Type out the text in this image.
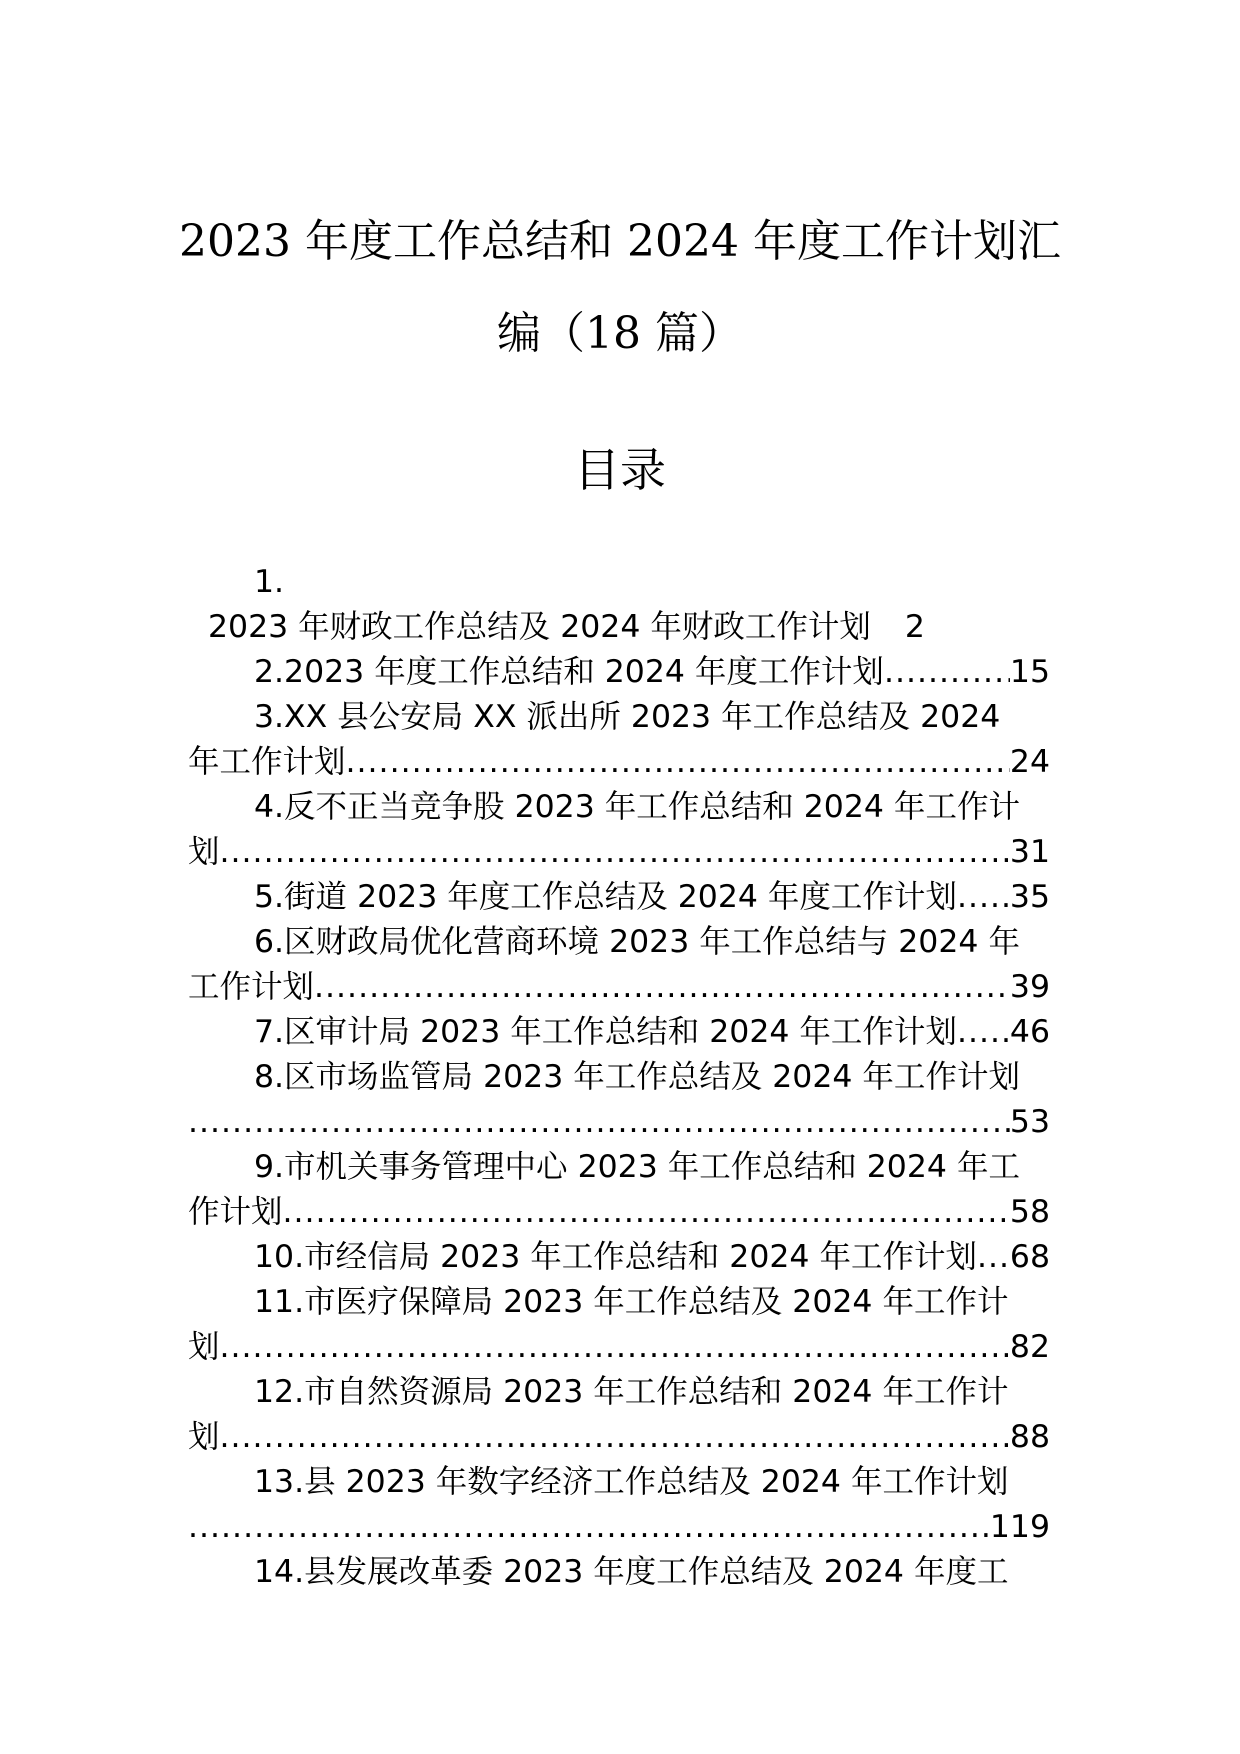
2023 年度工作总结和 2024 年度工作计划汇
编（18 篇）
目录
1.
2023 年财政工作总结及 2024 年财政工作计划 2
2.2023 年度工作总结和 2024 年度工作计划 .....	15
3.XX 县公安局 XX 派出所 2023 年工作总结及 2024
年工作计划 .....	24
4.反不正当竞争股 2023 年工作总结和 2024 年工作计
划 .....	31
5.街道 2023 年度工作总结及 2024 年度工作计划 ..... 35
6.区财政局优化营商环境 2023 年工作总结与 2024 年
工作计划 .....	39
7.区审计局 2023 年工作总结和 2024 年工作计划 ..... 46
8.区市场监管局 2023 年工作总结及 2024 年工作计划
.....
53
9.市机关事务管理中心 2023 年工作总结和 2024 年工
作计划 .....	58
10.市经信局 2023 年工作总结和 2024 年工作计划 ..... 68
11.市医疗保障局 2023 年工作总结及 2024 年工作计
划 .....	82
12.市自然资源局 2023 年工作总结和 2024 年工作计
划 .....	88
13.县 2023 年数字经济工作总结及 2024 年工作计划
.....
119
14.县发展改革委 2023 年度工作总结及 2024 年度工
